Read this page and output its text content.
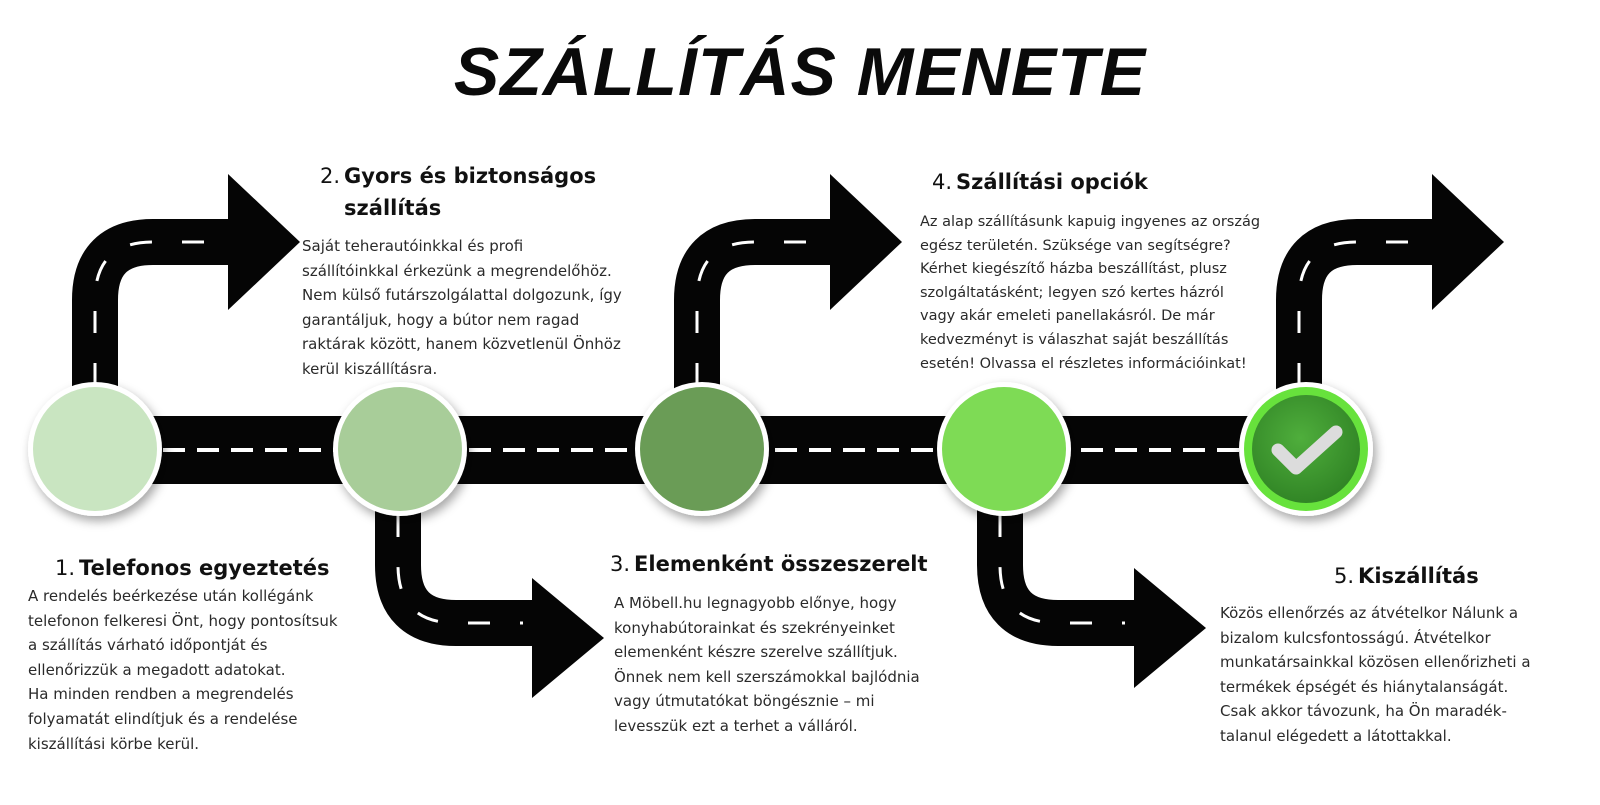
SZÁLLÍTÁS MENETE
1. Telefonos egyeztetés
A rendelés beérkezése után kollégánk
telefonon felkeresi Önt, hogy pontosítsuk
a szállítás várható időpontját és
ellenőrizzük a megadott adatokat.
Ha minden rendben a megrendelés
folyamatát elindítjuk és a rendelése
kiszállítási körbe kerül.
2. Gyors és biztonságos
szállítás
Saját teherautóinkkal és profi
szállítóinkkal érkezünk a megrendelőhöz.
Nem külső futárszolgálattal dolgozunk, így
garantáljuk, hogy a bútor nem ragad
raktárak között, hanem közvetlenül Önhöz
kerül kiszállításra.
3. Elemenként összeszerelt
A Möbell.hu legnagyobb előnye, hogy
konyhabútorainkat és szekrényeinket
elemenként készre szerelve szállítjuk.
Önnek nem kell szerszámokkal bajlódnia
vagy útmutatókat böngésznie – mi
levesszük ezt a terhet a válláról.
4. Szállítási opciók
Az alap szállításunk kapuig ingyenes az ország
egész területén. Szüksége van segítségre?
Kérhet kiegészítő házba beszállítást, plusz
szolgáltatásként; legyen szó kertes házról
vagy akár emeleti panellakásról. De már
kedvezményt is válaszhat saját beszállítás
esetén! Olvassa el részletes információinkat!
5. Kiszállítás
Közös ellenőrzés az átvételkor Nálunk a
bizalom kulcsfontosságú. Átvételkor
munkatársainkkal közösen ellenőrizheti a
termékek épségét és hiánytalanságát.
Csak akkor távozunk, ha Ön maradék-
talanul elégedett a látottakkal.
